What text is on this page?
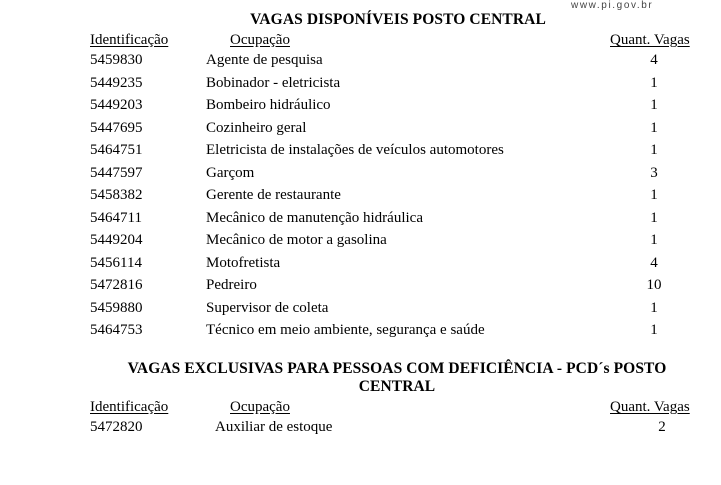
www.pi.gov.br
VAGAS DISPONÍVEIS POSTO CENTRAL
Identificação	Ocupação	Quant. Vagas
5459830	Agente de pesquisa	4
5449235	Bobinador - eletricista	1
5449203	Bombeiro hidráulico	1
5447695	Cozinheiro geral	1
5464751	Eletricista de instalações de veículos automotores	1
5447597	Garçom	3
5458382	Gerente de restaurante	1
5464711	Mecânico de manutenção hidráulica	1
5449204	Mecânico de motor a gasolina	1
5456114	Motofretista	4
5472816	Pedreiro	10
5459880	Supervisor de coleta	1
5464753	Técnico em meio ambiente, segurança e saúde	1
VAGAS EXCLUSIVAS PARA PESSOAS COM DEFICIÊNCIA - PCD´s POSTO
CENTRAL
Identificação	Ocupação	Quant. Vagas
5472820	Auxiliar de estoque	2
